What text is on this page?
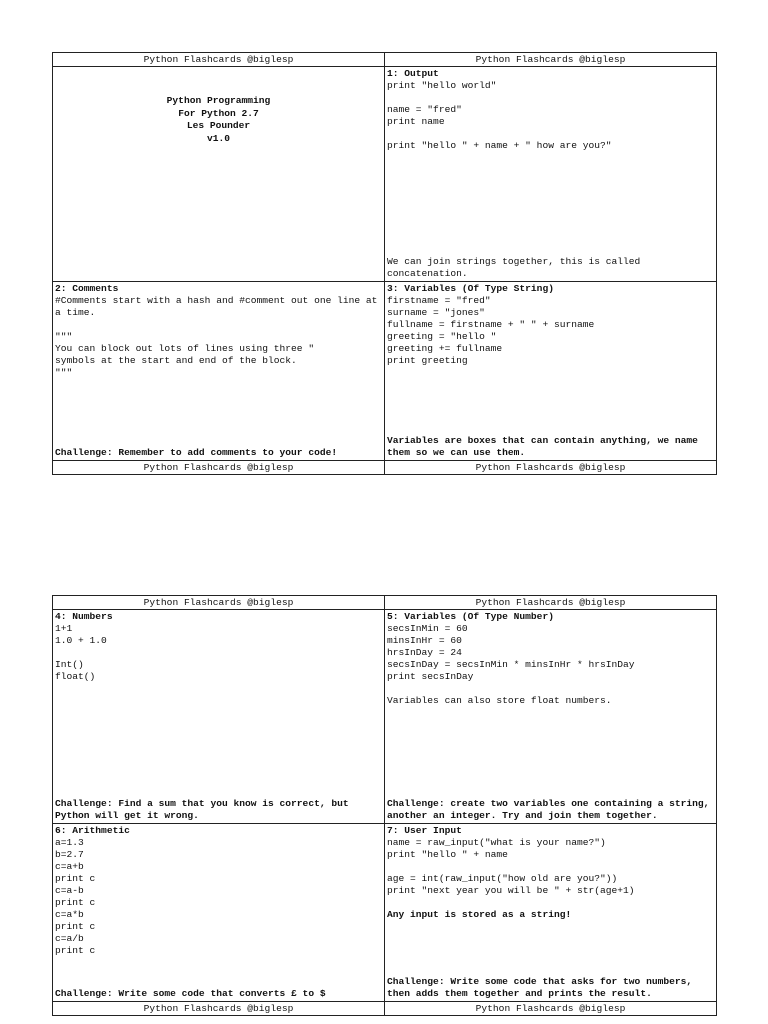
Python Flashcards @biglesp	Python Flashcards @biglesp
Python Programming
For Python 2.7
Les Pounder
v1.0
1: Output
print "hello world"

name = "fred"
print name

print "hello " + name + " how are you?"
We can join strings together, this is called concatenation.
2: Comments
#Comments start with a hash and #comment out one line at a time.

"""
You can block out lots of lines using three "
symbols at the start and end of the block.
"""
Challenge: Remember to add comments to your code!
3: Variables (Of Type String)
firstname = "fred"
surname = "jones"
fullname = firstname + " " + surname
greeting = "hello "
greeting += fullname
print greeting
Variables are boxes that can contain anything, we name them so we can use them.
Python Flashcards @biglesp	Python Flashcards @biglesp
Python Flashcards @biglesp	Python Flashcards @biglesp
4: Numbers
1+1
1.0 + 1.0

Int()
float()
Challenge: Find a sum that you know is correct, but Python will get it wrong.
5: Variables (Of Type Number)
secsInMin = 60
minsInHr = 60
hrsInDay = 24
secsInDay = secsInMin * minsInHr * hrsInDay
print secsInDay

Variables can also store float numbers.
Challenge: create two variables one containing a string, another an integer. Try and join them together.
6: Arithmetic
a=1.3
b=2.7
c=a+b
print c
c=a-b
print c
c=a*b
print c
c=a/b
print c
Challenge: Write some code that converts £ to $
7: User Input
name = raw_input("what is your name?")
print "hello " + name

age = int(raw_input("how old are you?"))
print "next year you will be " + str(age+1)
Any input is stored as a string!
Challenge: Write some code that asks for two numbers, then adds them together and prints the result.
Python Flashcards @biglesp	Python Flashcards @biglesp
